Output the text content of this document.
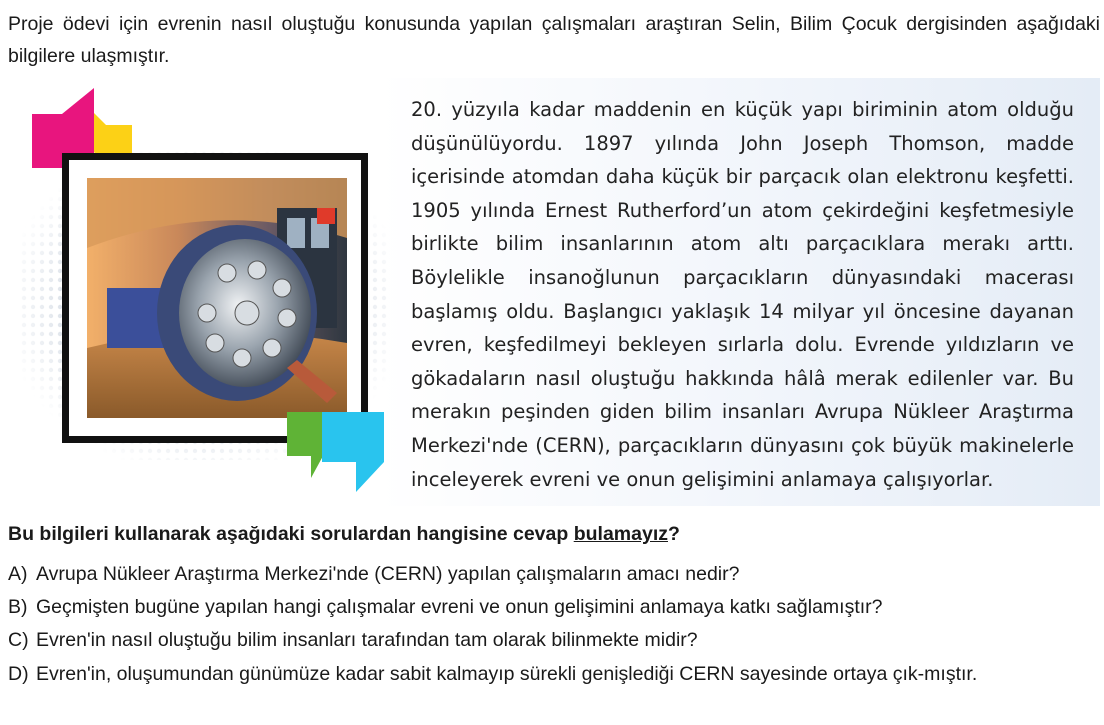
Proje ödevi için evrenin nasıl oluştuğu konusunda yapılan çalışmaları araştıran Selin, Bilim Çocuk dergisinden aşağıdaki bilgilere ulaşmıştır.

20. yüzyıla kadar maddenin en küçük yapı biriminin atom olduğu düşünülüyordu. 1897 yılında John Joseph Thomson, madde içerisinde atomdan daha küçük bir parçacık olan elektronu keşfetti. 1905 yılında Ernest Rutherford’un atom çekirdeğini keşfetmesiyle birlikte bilim insanlarının atom altı parçacıklara merakı arttı. Böylelikle insanoğlunun parçacıkların dünyasındaki macerası başlamış oldu. Başlangıcı yaklaşık 14 milyar yıl öncesine dayanan evren, keşfedilmeyi bekleyen sırlarla dolu. Evrende yıldızların ve gökadaların nasıl oluştuğu hakkında hâlâ merak edilenler var. Bu merakın peşinden giden bilim insanları Avrupa Nükleer Araştırma Merkezi'nde (CERN), parçacıkların dünyasını çok büyük makinelerle inceleyerek evreni ve onun gelişimini anlamaya çalışıyorlar.

Bu bilgileri kullanarak aşağıdaki sorulardan hangisine cevap bulamayız?
A) Avrupa Nükleer Araştırma Merkezi'nde (CERN) yapılan çalışmaların amacı nedir?
B) Geçmişten bugüne yapılan hangi çalışmalar evreni ve onun gelişimini anlamaya katkı sağlamıştır?
C) Evren'in nasıl oluştuğu bilim insanları tarafından tam olarak bilinmekte midir?
D) Evren'in, oluşumundan günümüze kadar sabit kalmayıp sürekli genişlediği CERN sayesinde ortaya çık-mıştır.
